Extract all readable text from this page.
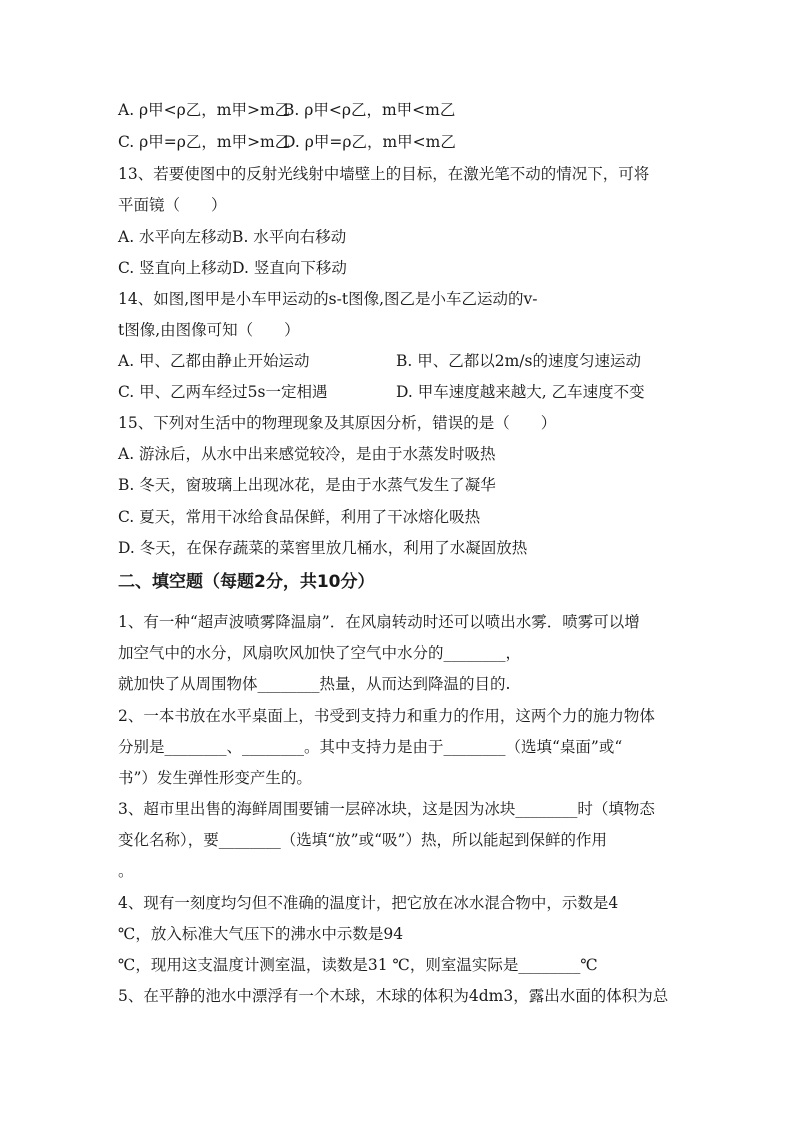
A. ρ甲<ρ乙，m甲>m乙
B. ρ甲<ρ乙，m甲<m乙
C. ρ甲=ρ乙，m甲>m乙
D. ρ甲=ρ乙，m甲<m乙
13、若要使图中的反射光线射中墙壁上的目标，在激光笔不动的情况下，可将
平面镜（　　）
A. 水平向左移动B. 水平向右移动
C. 竖直向上移动D. 竖直向下移动
14、如图,图甲是小车甲运动的s-t图像,图乙是小车乙运动的v-
t图像,由图像可知（　　）
A. 甲、乙都由静止开始运动	B. 甲、乙都以2m/s的速度匀速运动
C. 甲、乙两车经过5s一定相遇	D. 甲车速度越来越大, 乙车速度不变
15、下列对生活中的物理现象及其原因分析，错误的是（　　）
A. 游泳后，从水中出来感觉较冷，是由于水蒸发时吸热
B. 冬天，窗玻璃上出现冰花，是由于水蒸气发生了凝华
C. 夏天，常用干冰给食品保鲜，利用了干冰熔化吸热
D. 冬天，在保存蔬菜的菜窖里放几桶水，利用了水凝固放热
二、填空题（每题2分，共10分）
1、有一种“超声波喷雾降温扇”．在风扇转动时还可以喷出水雾．喷雾可以增
加空气中的水分，风扇吹风加快了空气中水分的________，
就加快了从周围物体________热量，从而达到降温的目的.
2、一本书放在水平桌面上，书受到支持力和重力的作用，这两个力的施力物体
分别是________、________。其中支持力是由于________（选填“桌面”或“
书”）发生弹性形变产生的。
3、超市里出售的海鲜周围要铺一层碎冰块，这是因为冰块________时（填物态
变化名称），要________（选填“放”或“吸”）热，所以能起到保鲜的作用
。
4、现有一刻度均匀但不准确的温度计，把它放在冰水混合物中，示数是4
℃，放入标准大气压下的沸水中示数是94
℃，现用这支温度计测室温，读数是31 ℃，则室温实际是________℃
5、在平静的池水中漂浮有一个木球，木球的体积为4dm3，露出水面的体积为总
